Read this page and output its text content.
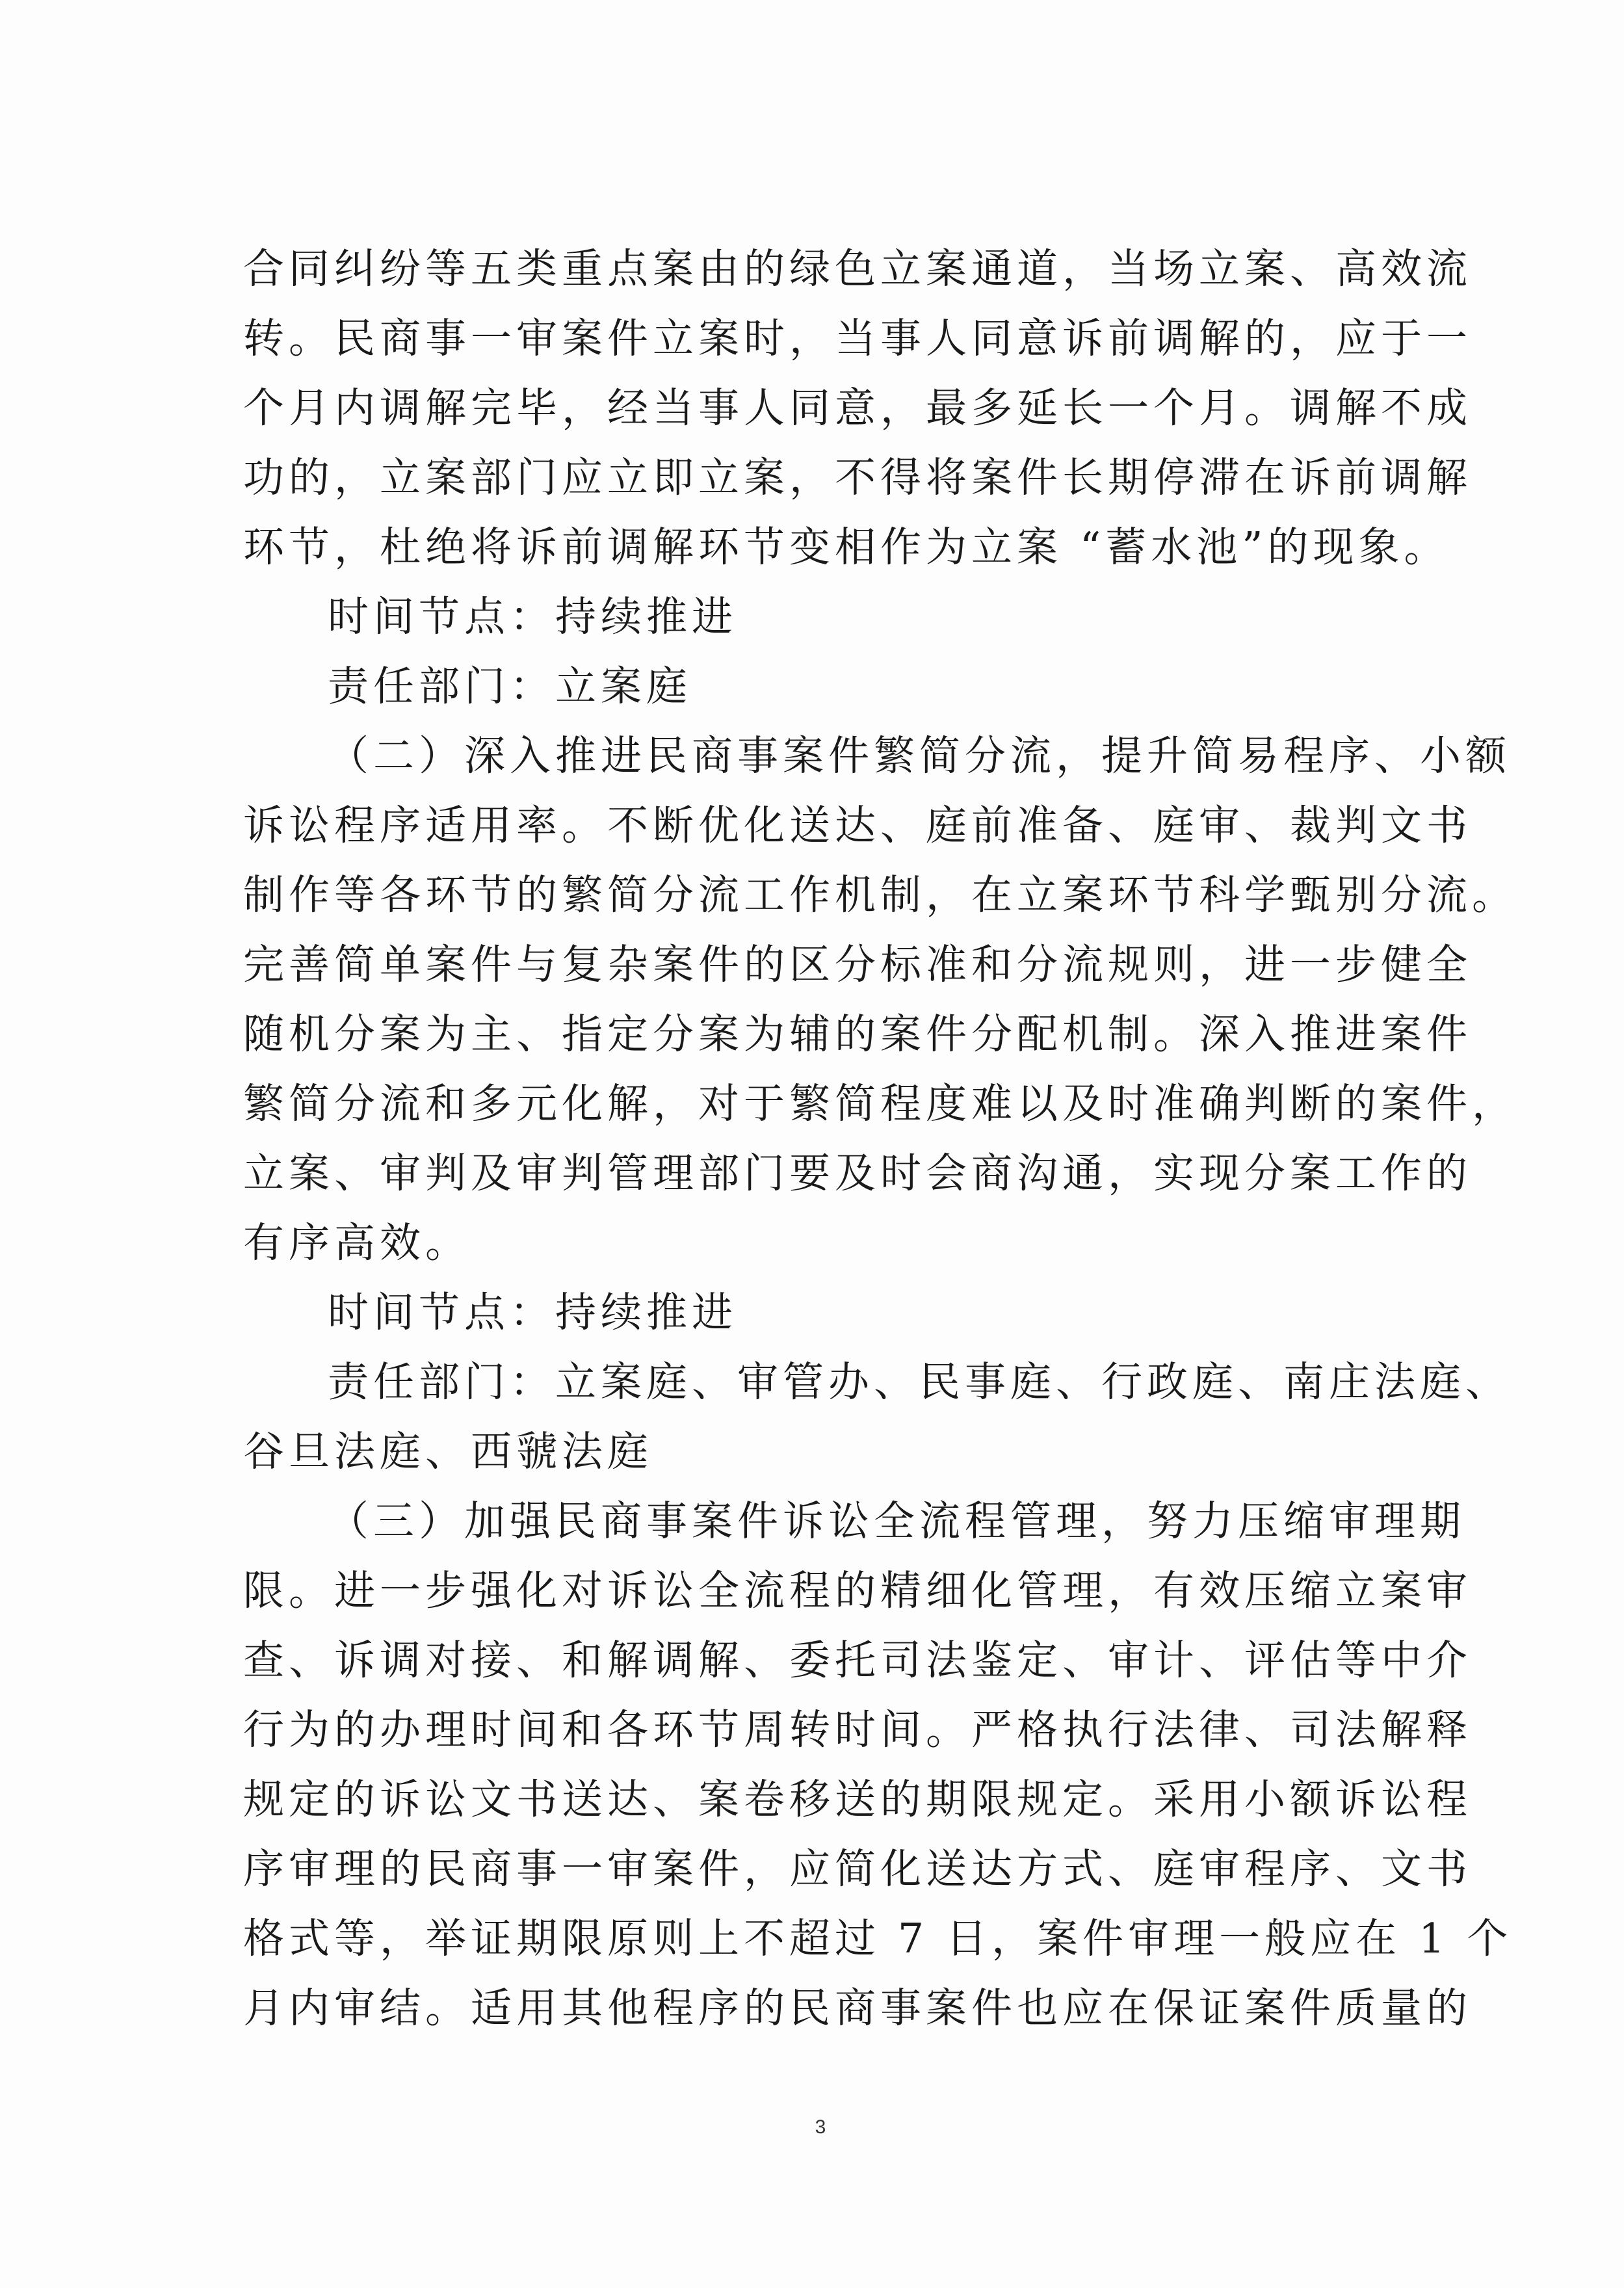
合同纠纷等五类重点案由的绿色立案通道，当场立案、高效流
转。民商事一审案件立案时，当事人同意诉前调解的，应于一
个月内调解完毕，经当事人同意，最多延长一个月。调解不成
功的，立案部门应立即立案，不得将案件长期停滞在诉前调解
环节，杜绝将诉前调解环节变相作为立案 “蓄水池”的现象。
时间节点：持续推进
责任部门：立案庭
（二）深入推进民商事案件繁简分流，提升简易程序、小额
诉讼程序适用率。不断优化送达、庭前准备、庭审、裁判文书
制作等各环节的繁简分流工作机制，在立案环节科学甄别分流。
完善简单案件与复杂案件的区分标准和分流规则，进一步健全
随机分案为主、指定分案为辅的案件分配机制。深入推进案件
繁简分流和多元化解，对于繁简程度难以及时准确判断的案件，
立案、审判及审判管理部门要及时会商沟通，实现分案工作的
有序高效。
时间节点：持续推进
责任部门：立案庭、审管办、民事庭、行政庭、南庄法庭、
谷旦法庭、西虢法庭
（三）加强民商事案件诉讼全流程管理，努力压缩审理期
限。进一步强化对诉讼全流程的精细化管理，有效压缩立案审
查、诉调对接、和解调解、委托司法鉴定、审计、评估等中介
行为的办理时间和各环节周转时间。严格执行法律、司法解释
规定的诉讼文书送达、案卷移送的期限规定。采用小额诉讼程
序审理的民商事一审案件，应简化送达方式、庭审程序、文书
格式等，举证期限原则上不超过 7 日，案件审理一般应在 1 个
月内审结。适用其他程序的民商事案件也应在保证案件质量的
3
